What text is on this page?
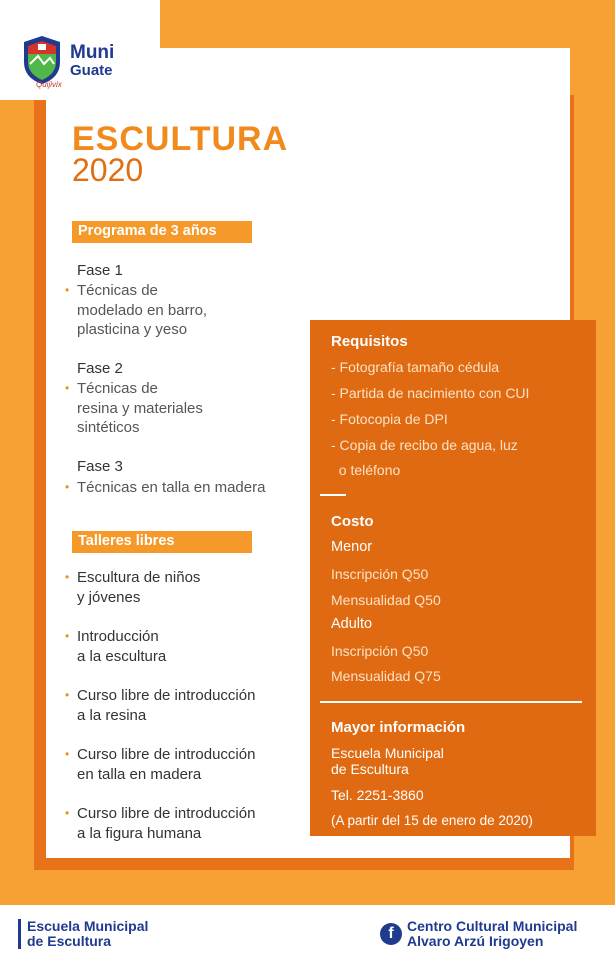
Muni
Guate
Quijivix
ESCULTURA
2020
Programa de 3 años
Fase 1
• Técnicas de
modelado en barro,
plasticina y yeso
Fase 2
• Técnicas de
resina y materiales
sintéticos
Fase 3
• Técnicas en talla en madera
Talleres libres
• Escultura de niños
y jóvenes
• Introducción
a la escultura
• Curso libre de introducción
a la resina
• Curso libre de introducción
en talla en madera
• Curso libre de introducción
a la figura humana
Requisitos
- Fotografía tamaño cédula
- Partida de nacimiento con CUI
- Fotocopia de DPI
- Copia de recibo de agua, luz
o teléfono
Costo
Menor
Inscripción Q50
Mensualidad Q50
Adulto
Inscripción Q50
Mensualidad Q75
Mayor información
Escuela Municipal
de Escultura
Tel. 2251-3860
(A partir del 15 de enero de 2020)
Escuela Municipal
de Escultura	f Centro Cultural Municipal
Alvaro Arzú Irigoyen
